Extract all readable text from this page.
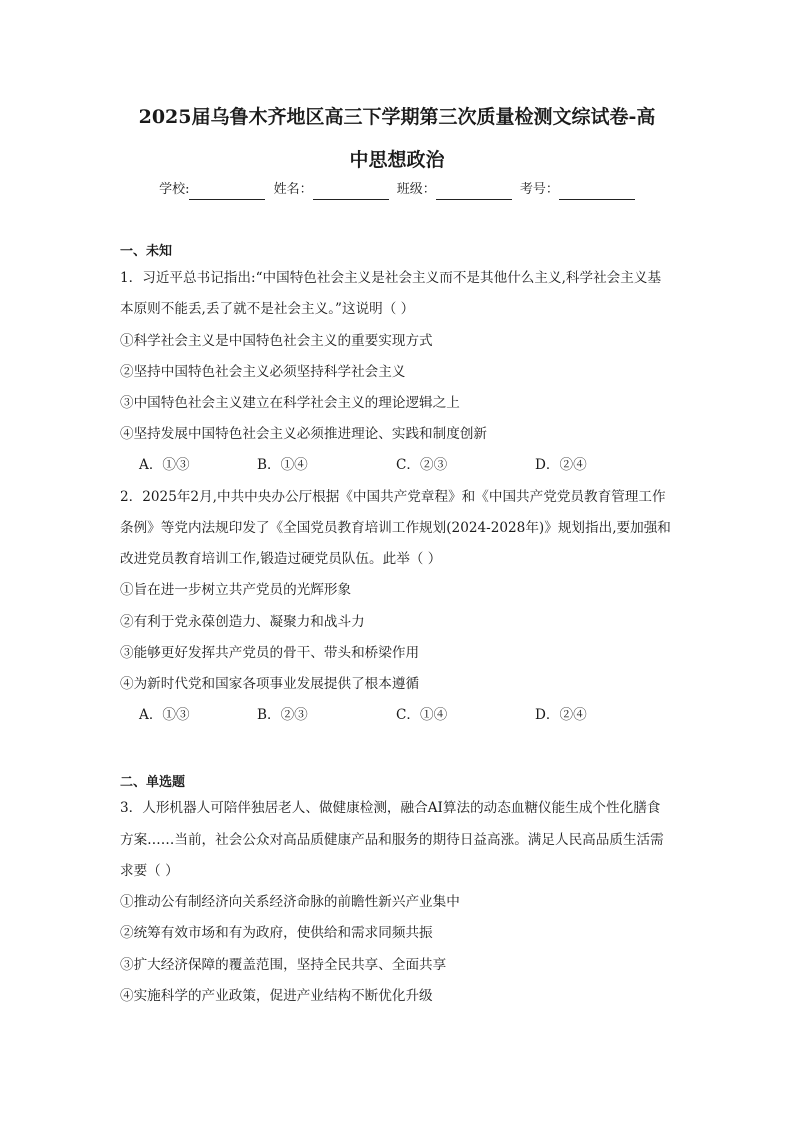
2025届乌鲁木齐地区高三下学期第三次质量检测文综试卷-高
中思想政治
学校:	姓名：	班级：	考号：
一、未知
1．习近平总书记指出:“中国特色社会主义是社会主义而不是其他什么主义,科学社会主义基
本原则不能丢,丢了就不是社会主义。”这说明（ ）
①科学社会主义是中国特色社会主义的重要实现方式
②坚持中国特色社会主义必须坚持科学社会主义
③中国特色社会主义建立在科学社会主义的理论逻辑之上
④坚持发展中国特色社会主义必须推进理论、实践和制度创新
A．①③	B．①④	C．②③	D．②④
2．2025年2月,中共中央办公厅根据《中国共产党章程》和《中国共产党党员教育管理工作
条例》等党内法规印发了《全国党员教育培训工作规划(2024-2028年)》规划指出,要加强和
改进党员教育培训工作,锻造过硬党员队伍。此举（ ）
①旨在进一步树立共产党员的光辉形象
②有利于党永葆创造力、凝聚力和战斗力
③能够更好发挥共产党员的骨干、带头和桥梁作用
④为新时代党和国家各项事业发展提供了根本遵循
A．①③	B．②③	C．①④	D．②④
二、单选题
3．人形机器人可陪伴独居老人、做健康检测，融合AI算法的动态血糖仪能生成个性化膳食
方案……当前，社会公众对高品质健康产品和服务的期待日益高涨。满足人民高品质生活需
求要（ ）
①推动公有制经济向关系经济命脉的前瞻性新兴产业集中
②统筹有效市场和有为政府，使供给和需求同频共振
③扩大经济保障的覆盖范围，坚持全民共享、全面共享
④实施科学的产业政策，促进产业结构不断优化升级
